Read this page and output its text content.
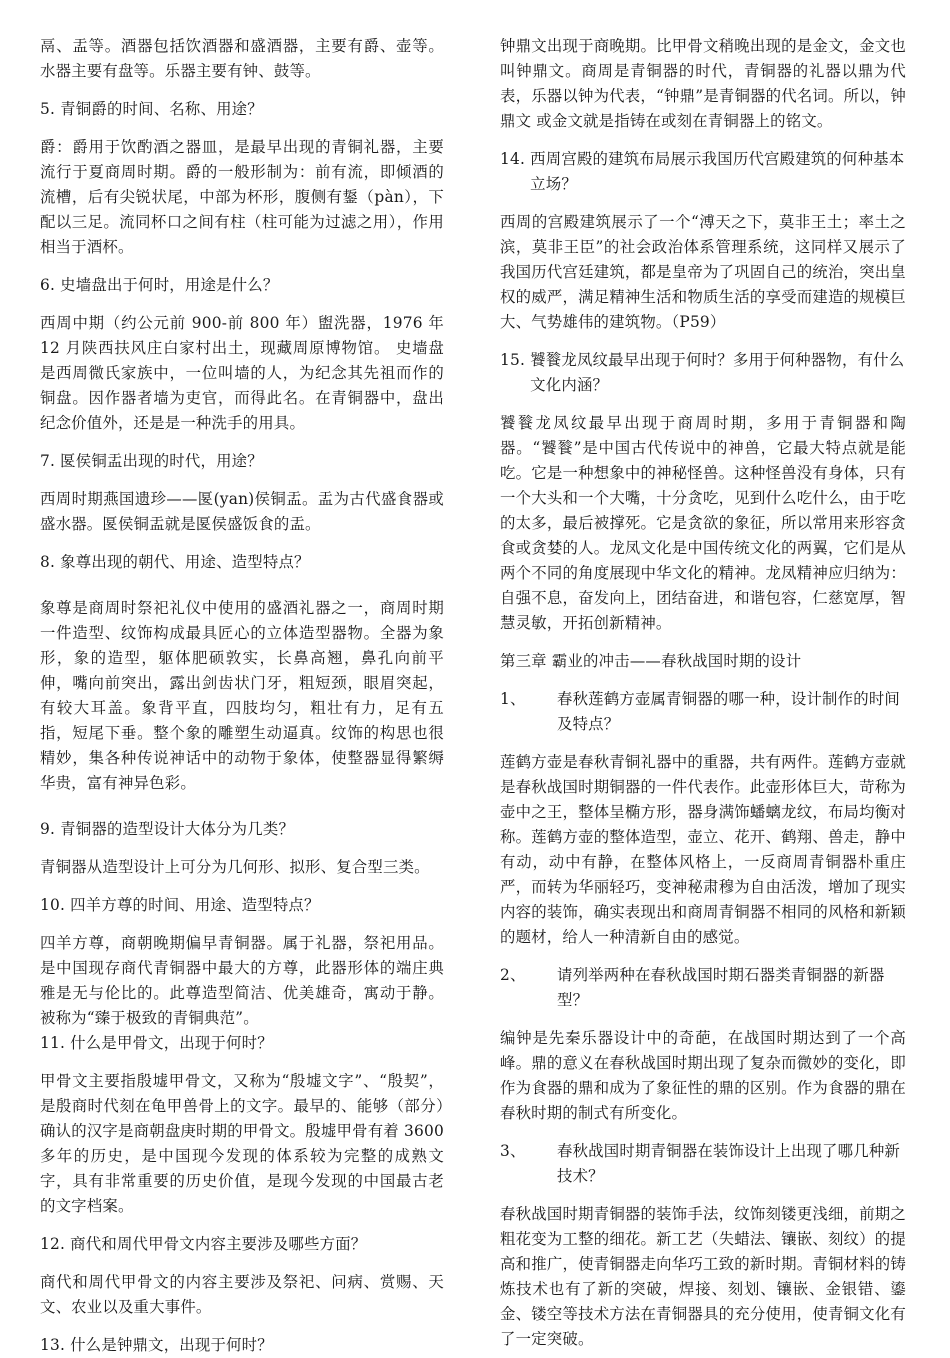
鬲、盂等。酒器包括饮酒器和盛酒器，主要有爵、壶等。水器主要有盘等。乐器主要有钟、鼓等。

5. 青铜爵的时间、名称、用途？

爵：爵用于饮酌酒之器皿，是最早出现的青铜礼器，主要流行于夏商周时期。爵的一般形制为：前有流，即倾酒的流槽，后有尖锐状尾，中部为杯形，腹侧有鋬（pàn），下配以三足。流同杯口之间有柱（柱可能为过滤之用），作用相当于酒杯。

6. 史墙盘出于何时，用途是什么？

西周中期（约公元前 900-前 800 年）盥洗器，1976 年 12 月陕西扶风庄白家村出土，现藏周原博物馆。 史墙盘是西周微氏家族中，一位叫墙的人，为纪念其先祖而作的铜盘。因作器者墙为吏官，而得此名。在青铜器中，盘出纪念价值外，还是是一种洗手的用具。

7. 匽侯铜盂出现的时代，用途？

西周时期燕国遗珍——匽(yan)侯铜盂。盂为古代盛食器或盛水器。匽侯铜盂就是匽侯盛饭食的盂。

8. 象尊出现的朝代、用途、造型特点？

象尊是商周时祭祀礼仪中使用的盛酒礼器之一，商周时期一件造型、纹饰构成最具匠心的立体造型器物。全器为象形，象的造型，躯体肥硕敦实，长鼻高翘，鼻孔向前平伸，嘴向前突出，露出剑齿状门牙，粗短颈，眼眉突起，有较大耳盖。象背平直，四肢均匀，粗壮有力，足有五指，短尾下垂。整个象的雕塑生动逼真。纹饰的构思也很精妙，集各种传说神话中的动物于象体，使整器显得繁缛华贵，富有神异色彩。

9. 青铜器的造型设计大体分为几类？

青铜器从造型设计上可分为几何形、拟形、复合型三类。

10. 四羊方尊的时间、用途、造型特点？

四羊方尊，商朝晚期偏早青铜器。属于礼器，祭祀用品。是中国现存商代青铜器中最大的方尊，此器形体的端庄典雅是无与伦比的。此尊造型简洁、优美雄奇，寓动于静。被称为“臻于极致的青铜典范”。

11. 什么是甲骨文，出现于何时？

甲骨文主要指殷墟甲骨文，又称为“殷墟文字”、“殷契”，是殷商时代刻在龟甲兽骨上的文字。最早的、能够（部分）确认的汉字是商朝盘庚时期的甲骨文。殷墟甲骨有着 3600 多年的历史，是中国现今发现的体系较为完整的成熟文字，具有非常重要的历史价值，是现今发现的中国最古老的文字档案。

12. 商代和周代甲骨文内容主要涉及哪些方面？

商代和周代甲骨文的内容主要涉及祭祀、问病、赏赐、天文、农业以及重大事件。

13. 什么是钟鼎文，出现于何时？

钟鼎文出现于商晚期。比甲骨文稍晚出现的是金文，金文也叫钟鼎文。商周是青铜器的时代，青铜器的礼器以鼎为代表，乐器以钟为代表，“钟鼎”是青铜器的代名词。所以，钟鼎文 或金文就是指铸在或刻在青铜器上的铭文。

14. 西周宫殿的建筑布局展示我国历代宫殿建筑的何种基本立场？

西周的宫殿建筑展示了一个“溥天之下，莫非王土；率土之滨，莫非王臣”的社会政治体系管理系统，这同样又展示了我国历代宫廷建筑，都是皇帝为了巩固自己的统治，突出皇权的威严，满足精神生活和物质生活的享受而建造的规模巨大、气势雄伟的建筑物。（P59）

15. 饕餮龙凤纹最早出现于何时？多用于何种器物，有什么文化内涵？

饕餮龙凤纹最早出现于商周时期，多用于青铜器和陶器。“饕餮”是中国古代传说中的神兽，它最大特点就是能吃。它是一种想象中的神秘怪兽。这种怪兽没有身体，只有一个大头和一个大嘴，十分贪吃，见到什么吃什么，由于吃的太多，最后被撑死。它是贪欲的象征，所以常用来形容贪食或贪婪的人。龙凤文化是中国传统文化的两翼，它们是从两个不同的角度展现中华文化的精神。龙凤精神应归纳为：自强不息，奋发向上，团结奋进，和谐包容，仁慈宽厚，智慧灵敏，开拓创新精神。

第三章 霸业的冲击——春秋战国时期的设计

1、	春秋莲鹤方壶属青铜器的哪一种，设计制作的时间及特点？

莲鹤方壶是春秋青铜礼器中的重器，共有两件。莲鹤方壶就是春秋战国时期铜器的一件代表作。此壶形体巨大，苛称为壶中之王，整体呈椭方形，器身满饰蟠螭龙纹，布局均衡对称。莲鹤方壶的整体造型，壶立、花开、鹤翔、兽走，静中有动，动中有静，在整体风格上，一反商周青铜器朴重庄严，而转为华丽轻巧，变神秘肃穆为自由活泼，增加了现实内容的装饰，确实表现出和商周青铜器不相同的风格和新颖的题材，给人一种清新自由的感觉。

2、	请列举两种在春秋战国时期石器类青铜器的新器型？

编钟是先秦乐器设计中的奇葩，在战国时期达到了一个高峰。鼎的意义在春秋战国时期出现了复杂而微妙的变化，即作为食器的鼎和成为了象征性的鼎的区别。作为食器的鼎在春秋时期的制式有所变化。

3、	春秋战国时期青铜器在装饰设计上出现了哪几种新技术？

春秋战国时期青铜器的装饰手法，纹饰刻镂更浅细，前期之粗花变为工整的细花。新工艺（失蜡法、镶嵌、刻纹）的提高和推广，使青铜器走向华巧工致的新时期。青铜材料的铸炼技术也有了新的突破，焊接、刻划、镶嵌、金银错、鎏金、镂空等技术方法在青铜器具的充分使用，使青铜文化有了一定突破。
